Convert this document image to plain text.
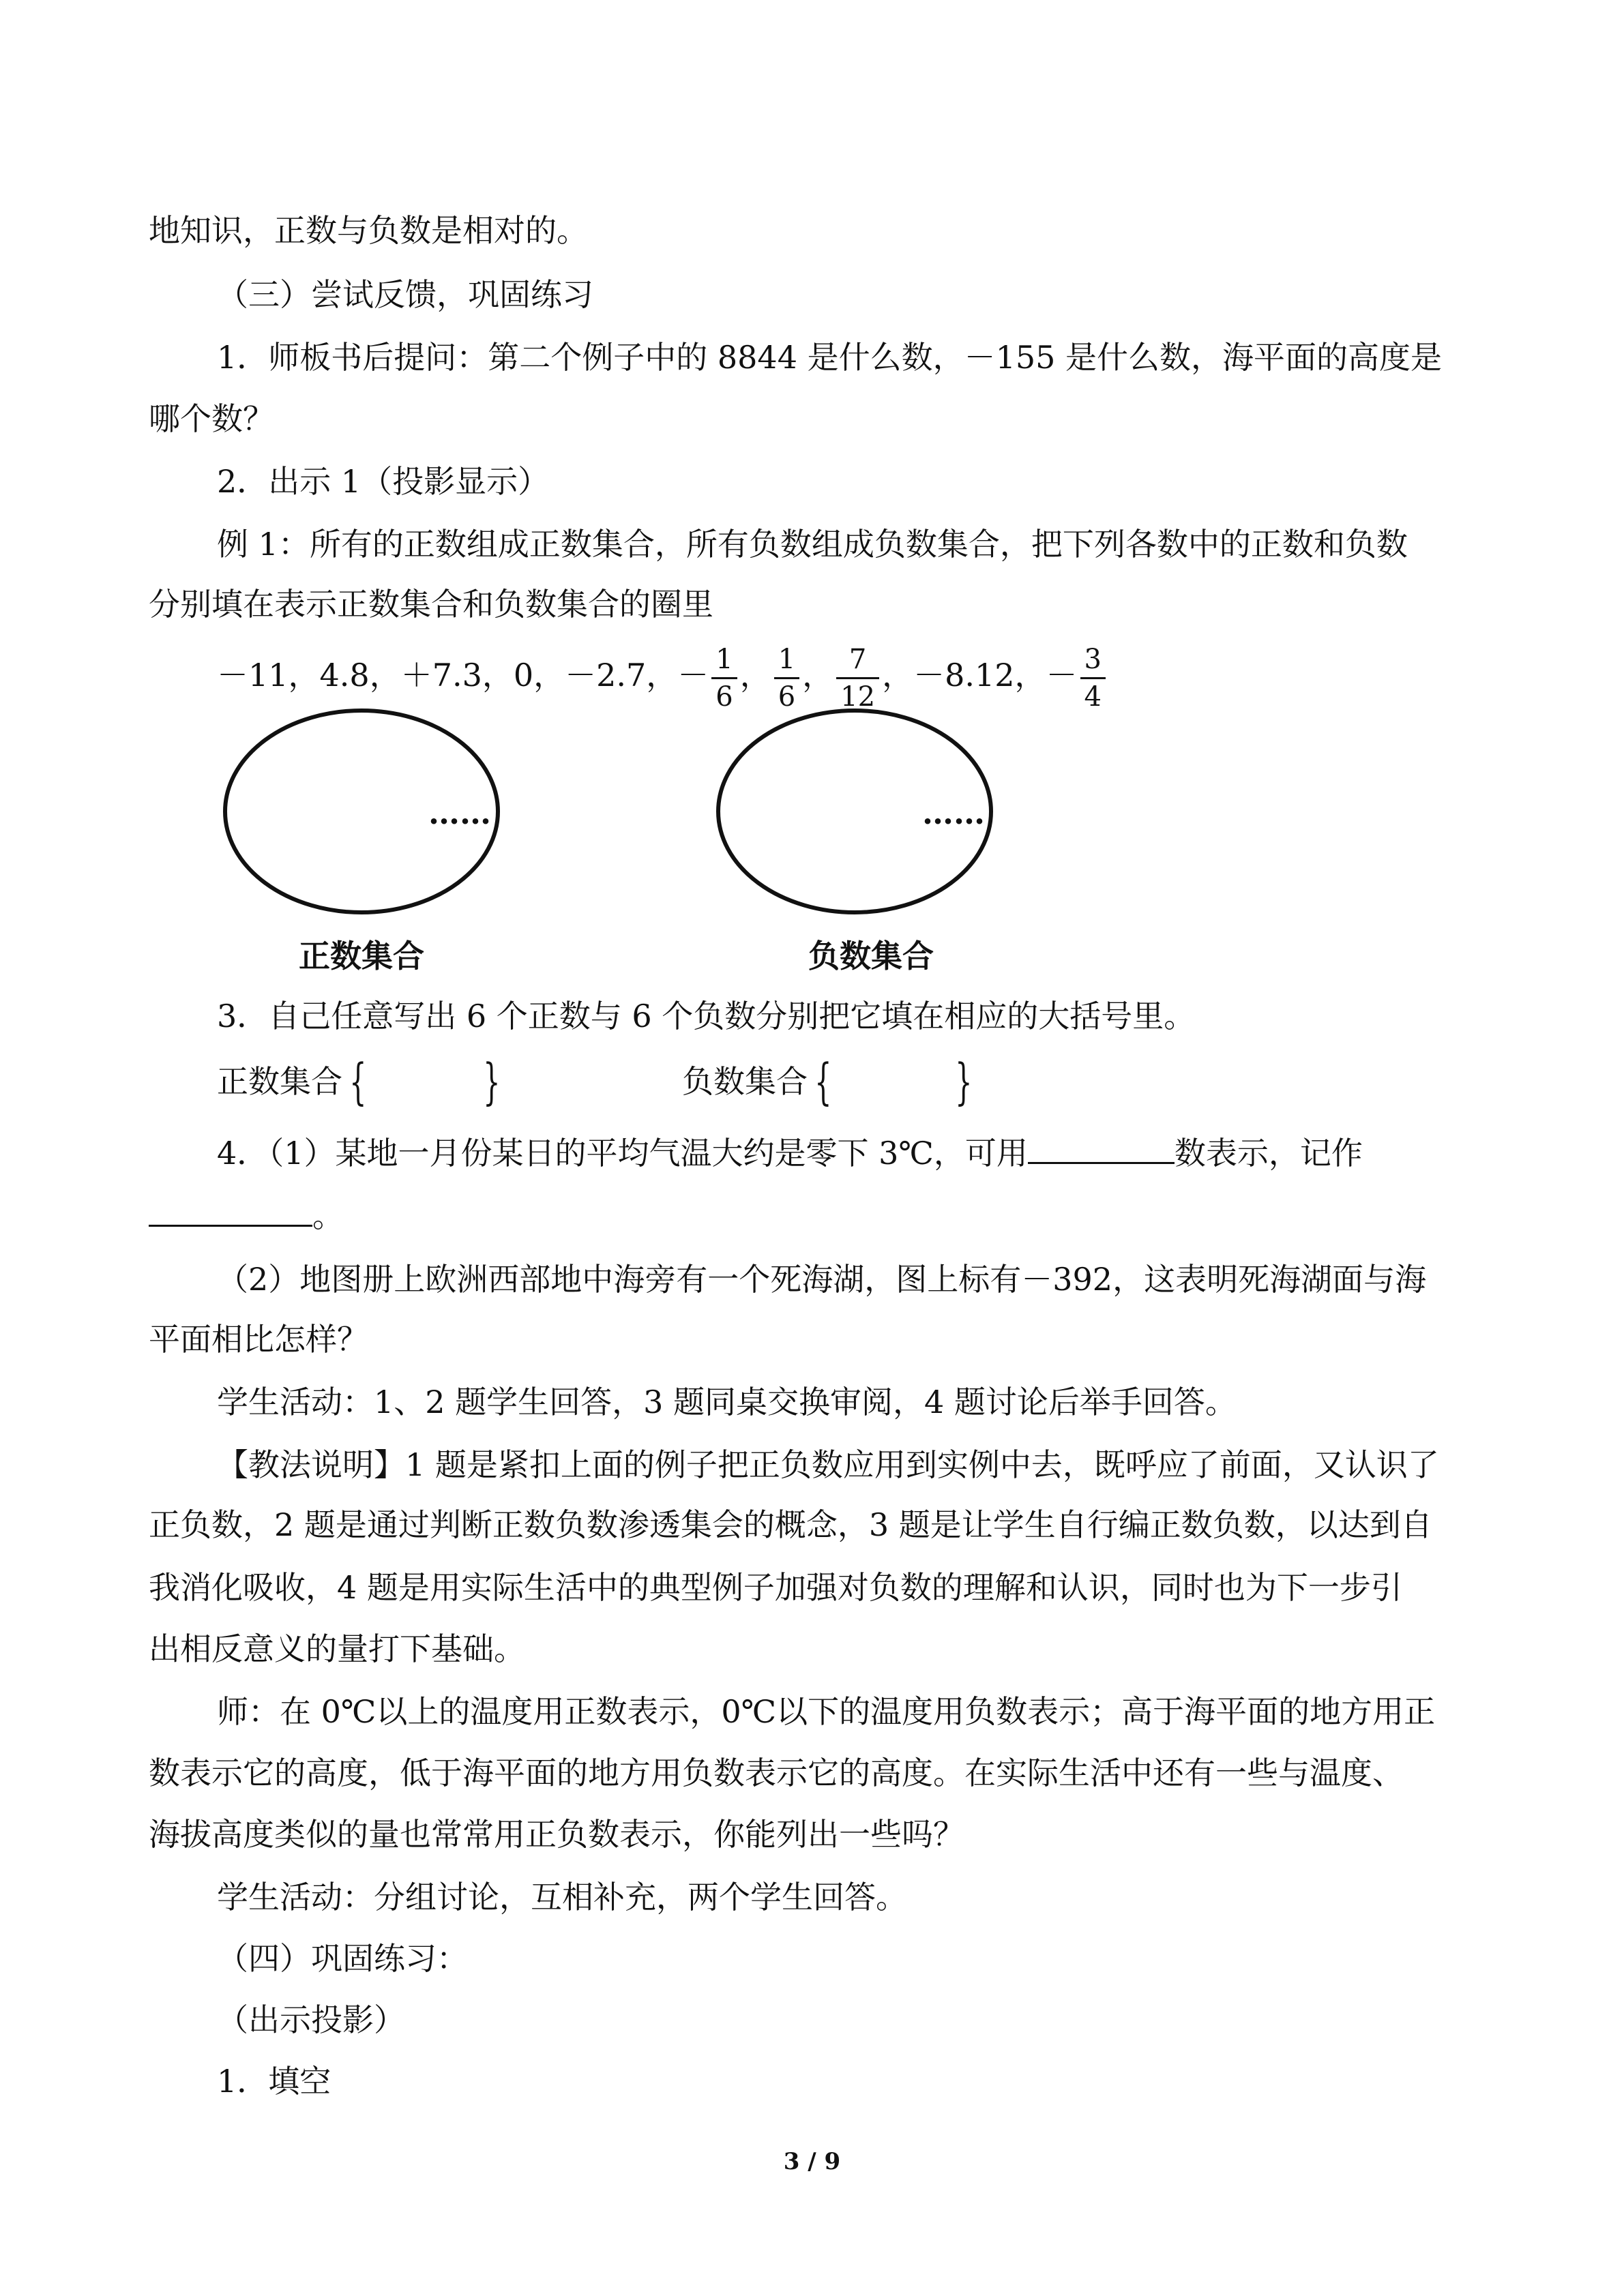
地知识，正数与负数是相对的。
（三）尝试反馈，巩固练习
1．师板书后提问：第二个例子中的 8844 是什么数，－155 是什么数，海平面的高度是
哪个数？
2．出示 1（投影显示）
例 1：所有的正数组成正数集合，所有负数组成负数集合，把下列各数中的正数和负数
分别填在表示正数集合和负数集合的圈里
－11，4.8，＋7.3，0，－2.7，－ $\frac{1}{6}$ ， $\frac{1}{6}$ ， $\frac{7}{12}$ ，－8.12，－ $\frac{3}{4}$
……	……
正数集合	负数集合
3．自己任意写出 6 个正数与 6 个负数分别把它填在相应的大括号里。
正数集合 { }	负数集合 {	}
4．（1）某地一月份某日的平均气温大约是零下 3℃，可用	数表示，记作
。
（2）地图册上欧洲西部地中海旁有一个死海湖，图上标有－392，这表明死海湖面与海
平面相比怎样？
学生活动：1、2 题学生回答，3 题同桌交换审阅，4 题讨论后举手回答。
【教法说明】1 题是紧扣上面的例子把正负数应用到实例中去，既呼应了前面，又认识了
正负数，2 题是通过判断正数负数渗透集会的概念，3 题是让学生自行编正数负数，以达到自
我消化吸收，4 题是用实际生活中的典型例子加强对负数的理解和认识，同时也为下一步引
出相反意义的量打下基础。
师：在 0℃以上的温度用正数表示，0℃以下的温度用负数表示；高于海平面的地方用正
数表示它的高度，低于海平面的地方用负数表示它的高度。在实际生活中还有一些与温度、
海拔高度类似的量也常常用正负数表示，你能列出一些吗？
学生活动：分组讨论，互相补充，两个学生回答。
（四）巩固练习：
（出示投影）
1．填空
3 / 9
